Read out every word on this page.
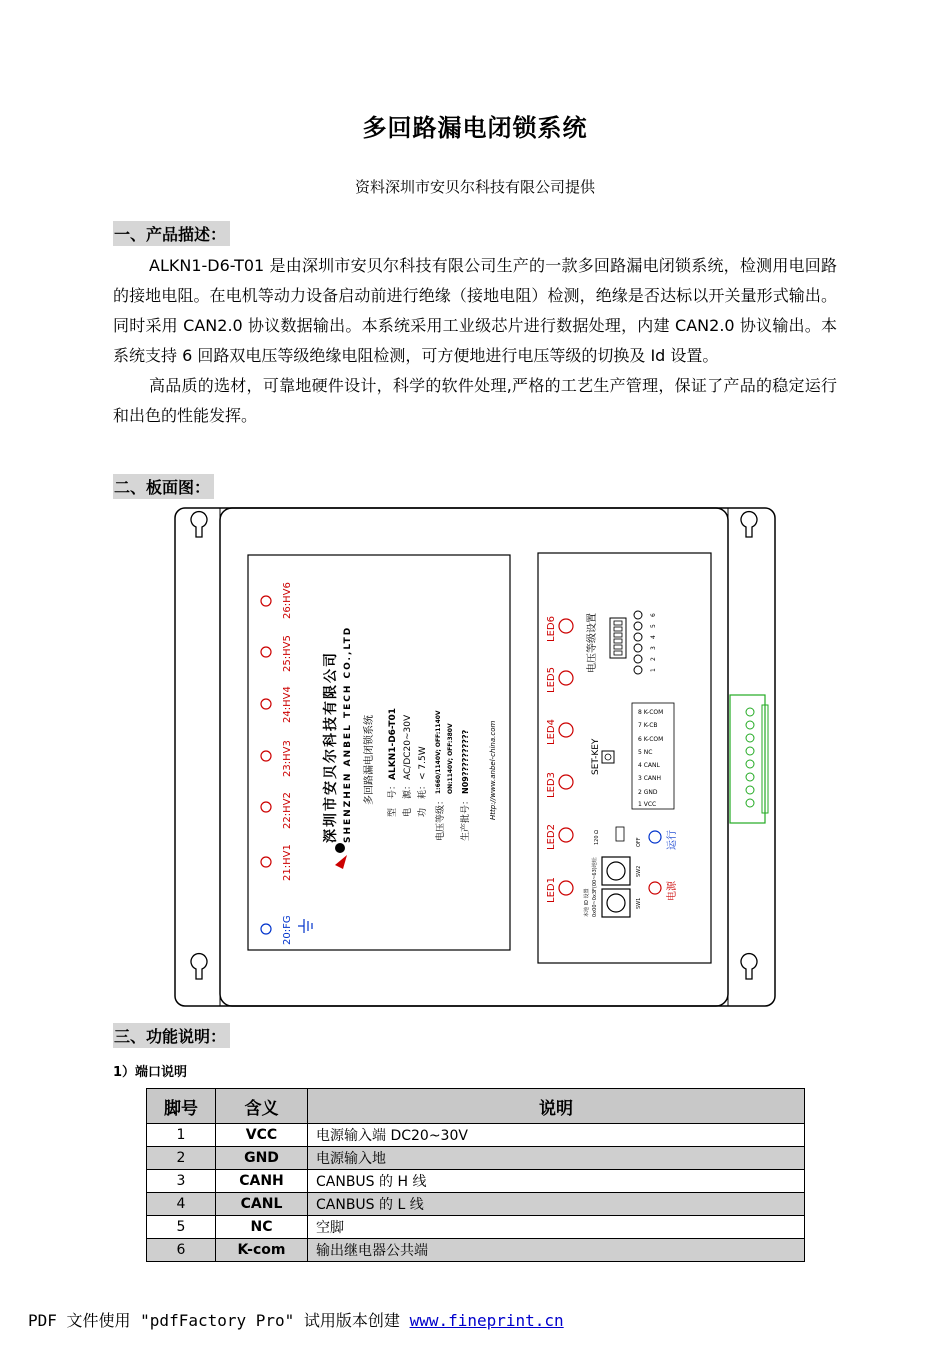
多回路漏电闭锁系统
资料深圳市安贝尔科技有限公司提供
一、产品描述：

ALKN1-D6-T01 是由深圳市安贝尔科技有限公司生产的一款多回路漏电闭锁系统，检测用电回路的接地电阻。在电机等动力设备启动前进行绝缘（接地电阻）检测，绝缘是否达标以开关量形式输出。同时采用 CAN2.0 协议数据输出。本系统采用工业级芯片进行数据处理，内建 CAN2.0 协议输出。本系统支持 6 回路双电压等级绝缘电阻检测，可方便地进行电压等级的切换及 Id 设置。

高品质的选材，可靠地硬件设计，科学的软件处理,严格的工艺生产管理，保证了产品的稳定运行和出色的性能发挥。

二、板面图：
20:FG
21:HV1
22:HV2
23:HV3
24:HV4
25:HV5
26:HV6
深圳市安贝尔科技有限公司 SHENZHEN ANBEL TECH CO.,LTD 多回路漏电闭锁系统 型　号：
ALKN1-D6-T01
电　源：
AC/DC20~30V
功　耗：
< 7.5W
电压等级：
1:660/1140V; OFF:1140V ON:1140V; OFF:380V
生产批号：
N09??????????	Http://www.anbel-china.com
LED1
LED2
LED3
LED4
LED5
LED6	电压等级设置	1
2
3
4
5
6
SET-KEY
8 K-COM
7 K-CB
6 K-COM
5 NC
4 CANL
3 CANH
2 GND
1 VCC
运行
电源
120 Ω	OFF
SW2
SW1
本地 ID 设置 0x00~0x3F(00~63)地址
三、功能说明：
1）端口说明
脚号	含义	说明
1	VCC	电源输入端 DC20~30V
2	GND	电源输入地
3	CANH	CANBUS 的 H 线
4	CANL	CANBUS 的 L 线
5	NC	空脚
6	K-com	输出继电器公共端
PDF 文件使用 "pdfFactory Pro" 试用版本创建 www.fineprint.cn
